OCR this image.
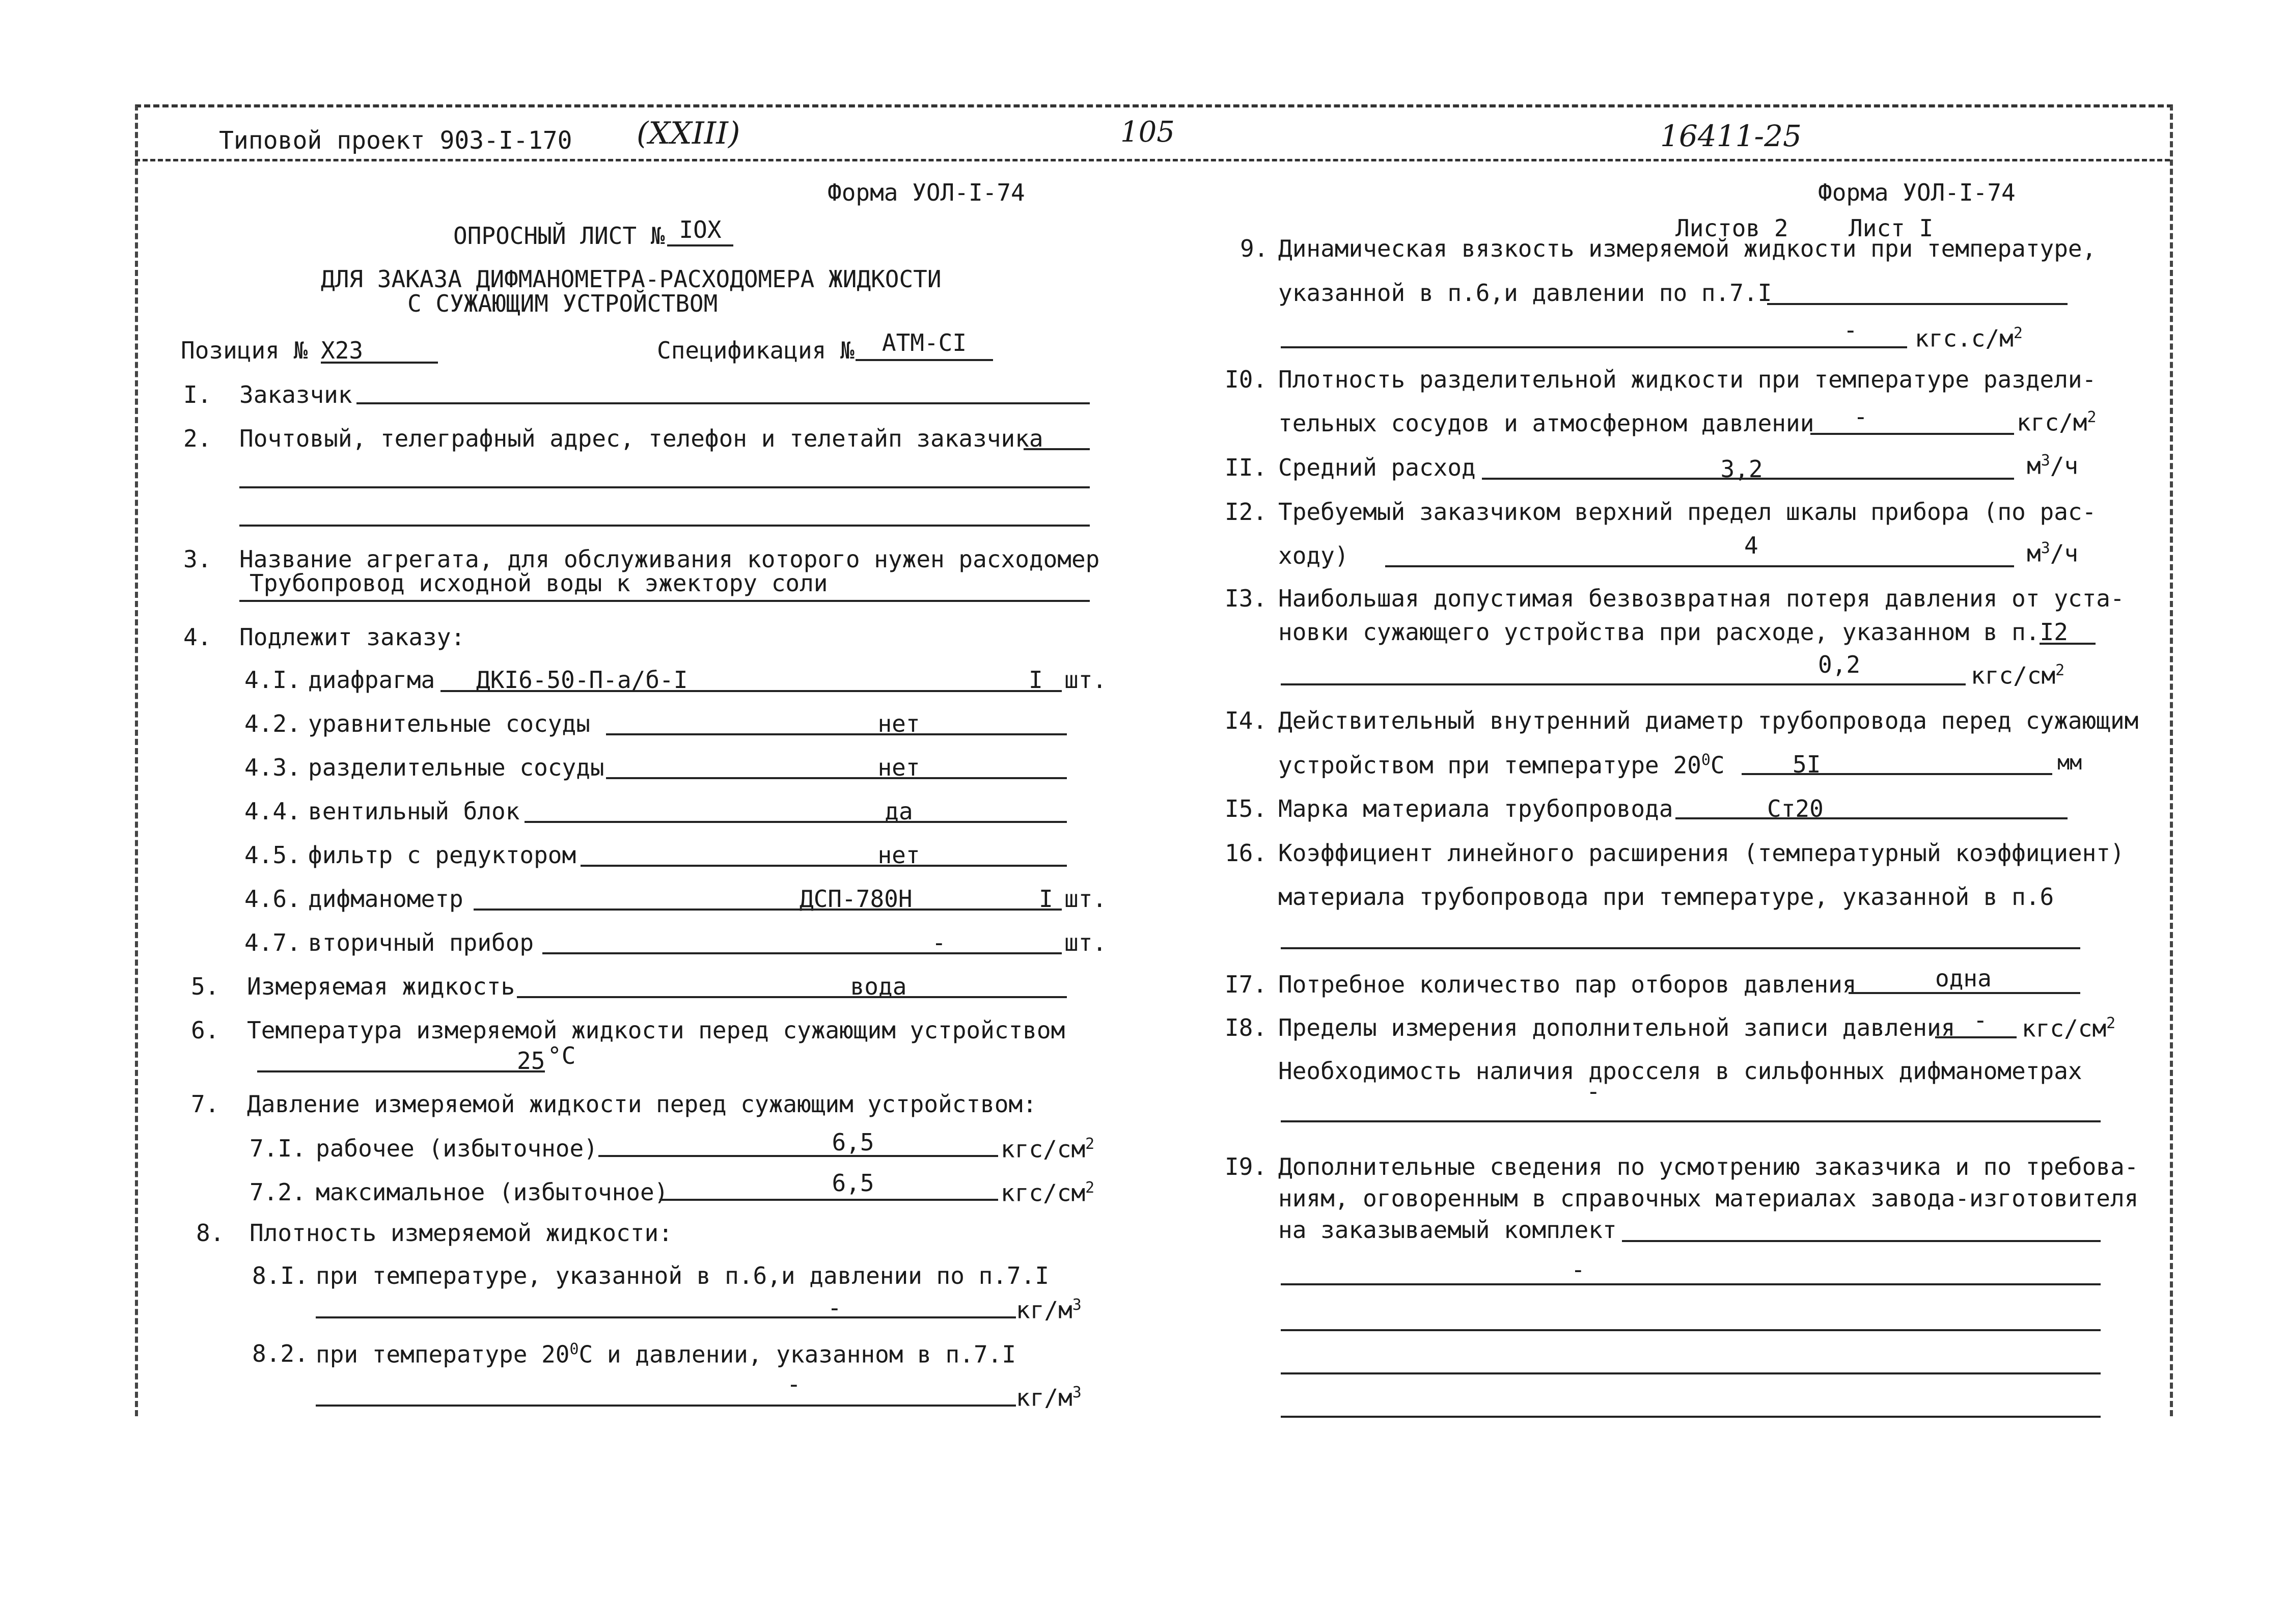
Типовой проект 903-I-170 (XXIII)	105	16411-25
Форма УОЛ-I-74
ОПРОСНЫЙ ЛИСТ № IOX
ДЛЯ ЗАКАЗА ДИФМАНОМЕТРА-РАСХОДОМЕРА ЖИДКОСТИ
С СУЖАЮЩИМ УСТРОЙСТВОМ
Позиция № X23	Спецификация №	АТМ-СI
I. Заказчик
2. Почтовый, телеграфный адрес, телефон и телетайп заказчика
3. Название агрегата, для обслуживания которого нужен расходомер
Трубопровод исходной воды к эжектору соли
4. Подлежит заказу:
4.I. диафрагма ДКI6-50-П-а/б-I	I шт.
4.2. уравнительные сосуды	нет
4.3. разделительные сосуды	нет
4.4. вентильный блок	да
4.5. фильтр с редуктором	нет
4.6. дифманометр	ДСП-780Н	I шт.
4.7. вторичный прибор	-	шт.
5. Измеряемая жидкость	вода
6. Температура измеряемой жидкости перед сужающим устройством
25 °C
7. Давление измеряемой жидкости перед сужающим устройством:
7.I. рабочее (избыточное)	6,5	кгс/$см^2$
7.2. максимальное (избыточное)	6,5	кгс/$см^2$
8. Плотность измеряемой жидкости:
8.I. при температуре, указанной в п.6,и давлении по п.7.I
-	$кг/м^3$
8.2. при температуре $20^0С$ и давлении, указанном в п.7.I
-	$кг/м^3$
Форма УОЛ-I-74
Листов 2	Лист I
9. Динамическая вязкость измеряемой жидкости при температуре,
указанной в п.6,и давлении по п.7.I
- $кгс.с/м^2$
I0. Плотность разделительной жидкости при температуре раздели-
тельных сосудов и атмосферном давлении -	кгс/$м^2$
II. Средний расход	3,2	$м^3/ч$
I2. Требуемый заказчиком верхний предел шкалы прибора (по рас-
ходу)	4	$м^3/ч$
I3. Наибольшая допустимая безвозвратная потеря давления от уста-
новки сужающего устройства при расходе, указанном в п.I2
0,2	кгс/$см^2$
I4. Действительный внутренний диаметр трубопровода перед сужающим
устройством при температуре $20^0С$	5I	мм
I5. Марка материала трубопровода	Ст20
16. Коэффициент линейного расширения (температурный коэффициент)
материала трубопровода при температуре, указанной в п.6
I7. Потребное количество пар отборов давления	одна
I8. Пределы измерения дополнительной записи давления - кгс/$см^2$
Необходимость наличия дросселя в сильфонных дифманометрах
-
I9. Дополнительные сведения по усмотрению заказчика и по требова-
ниям, оговоренным в справочных материалах завода-изготовителя
на заказываемый комплект
-
